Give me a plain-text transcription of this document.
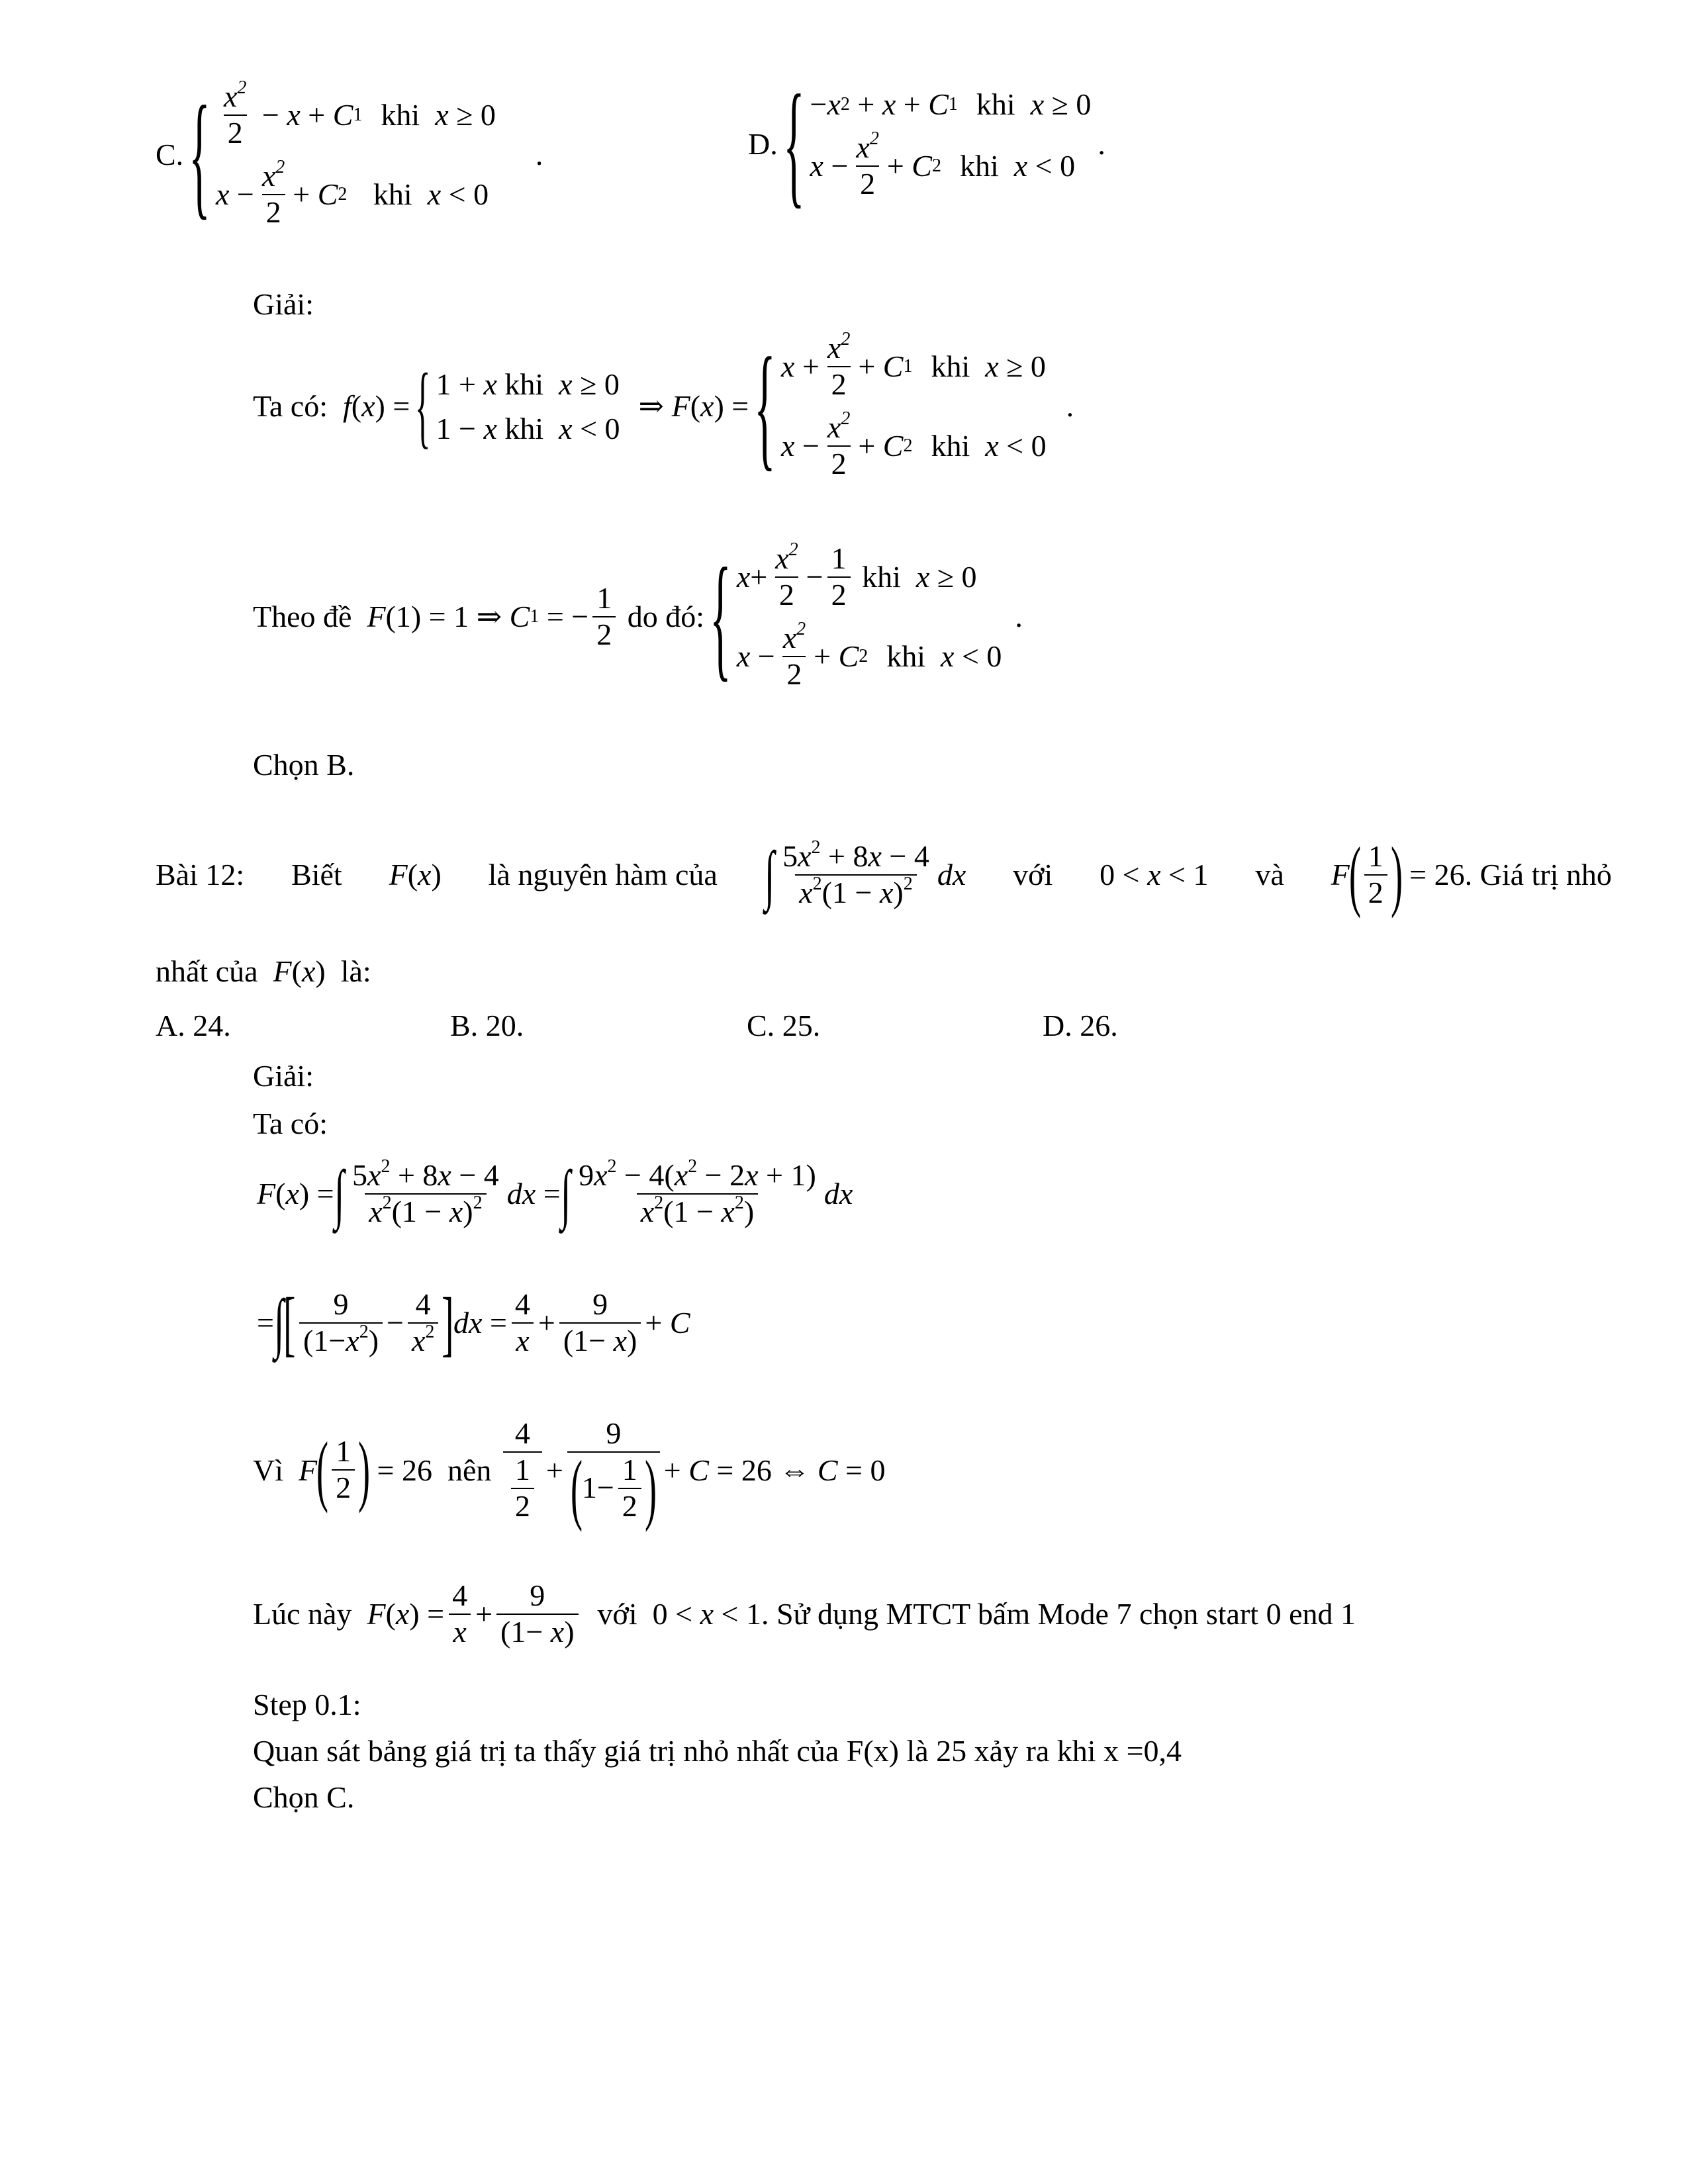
C. { $\frac{x^2}{2} - x + C$ 1 khi
x ≥ 0
$x - \frac{x^2}{2} + C$ 2
khi
x < 0
.	D. { − x 2 + x + C 1 khi
x ≥ 0
$x - \frac{x^2}{2} + C$ 2 khi
x < 0
.
Giải:
Ta có:
f ( x ) = { 1 + x
khi
x ≥ 0
1 − x
khi
x < 0
⇒ F ( x ) = { $x + \frac{x^2}{2} + C$ 1 khi
x ≥ 0
$x - \frac{x^2}{2} + C$ 2 khi
x < 0
.
Theo đề
F (1) = 1 ⇒ C 1 = − $\frac{1}{2}$
do đó: { $x + \frac{x^2}{2} - \frac{1}{2}$
khi
x ≥ 0
$x - \frac{x^2}{2} + C$ 2 khi
x < 0
.
Chọn B.
Bài 12: Biết F(x) là nguyên hàm của ∫ $\frac{5x^2 + 8x - 4}{x^2(1 - x)^2}$ dx với 0 < x < 1 và F
( $\frac{1}{2}$ )
= 26 . Giá trị nhỏ
nhất của F(x)  là:
A. 24.	B. 20.	C. 25.	D. 26.
Giải:
Ta có:
F ( x ) = ∫ $\frac{5x^2 + 8x - 4}{x^2(1 - x)^2}$ dx = ∫ $\frac{9x^2 - 4(x^2 - 2x + 1)}{x^2(1 - x^2)}$ dx
= ∫ [ $\frac{9}{(1-x^2)} - \frac{4}{x^2}$ ] dx = $\frac{4}{x} + \frac{9}{(1- x)} + C$
Vì
F
( $\frac{1}{2}$ )
= 26 nên
$\frac{4}{\frac{1}{2}} + 9$
(
$1- \frac{1}{2}$ ) + C = 26 ⇔ C = 0
Lúc này
F ( x ) = $\frac{4}{x} + \frac{9}{(1- x)}$
với 0 < x < 1 . Sử dụng MTCT bấm Mode 7 chọn start 0 end 1
Step 0.1:
Quan sát bảng giá trị ta thấy giá trị nhỏ nhất của F(x) là 25 xảy ra khi x =0,4
Chọn C.
